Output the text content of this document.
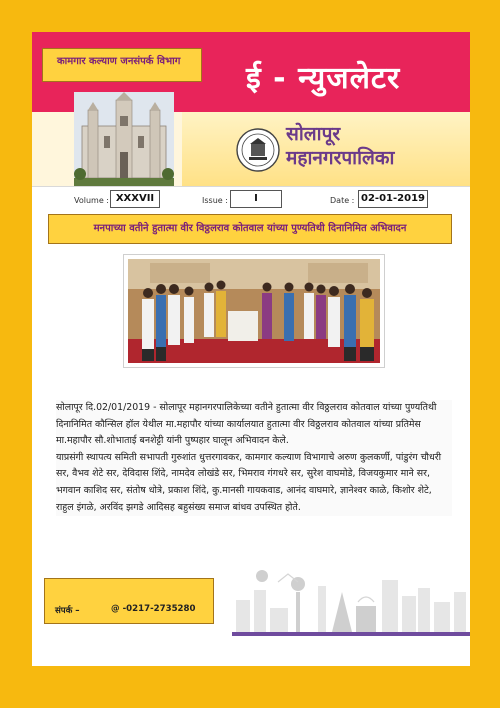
कामगार कल्याण जनसंपर्क विभाग	ई - न्युजलेटर
सोलापूर
महानगरपालिका
Volume : XXXVII	Issue :	I	Date : 02-01-2019
मनपाच्या वतीने हुतात्मा वीर विठ्ठलराव कोतवाल यांच्या पुण्यतिथी दिनानिमित अभिवादन

सोलापूर दि.02/01/2019 - सोलापूर महानगरपालिकेच्या वतीने हुतात्मा वीर विठ्ठलराव कोतवाल यांच्या पुण्यतिथी दिनानिमित कौन्सिल हॉल येथील मा.महापौर यांच्या कार्यालयात हुतात्मा वीर विठ्ठलराव कोतवाल यांच्या प्रतिमेस मा.महापौर सौ.शोभाताई बनशेट्टी यांनी पुष्पहार घालून अभिवादन केले.

याप्रसंगी स्थापत्य समिती सभापती गुरुशांत धुत्तरगावकर, कामगार कल्याण विभागाचे अरुण कुलकर्णी, पांडुरंग चौधरी सर, वैभव शेटे सर, देविदास शिंदे, नामदेव लोखंडे सर, भिमराव गंगधरे सर, सुरेश वाघमोडे, विजयकुमार माने सर, भगवान काशिद सर, संतोष धोत्रे, प्रकाश शिंदे, कु.मानसी गायकवाड, आनंद वाघमारे, ज्ञानेश्वर काळे, किशोर शेटे, राहुल इंगळे, अरविंद झगडे आदिसह बहुसंख्य समाज बांधव उपस्थित होते.

संपर्क –	@ -0217-2735280
